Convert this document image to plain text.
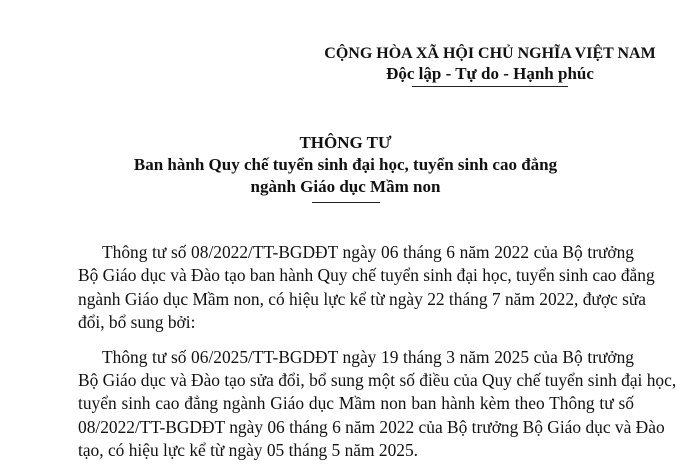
CỘNG HÒA XÃ HỘI CHỦ NGHĨA VIỆT NAM
Độc lập - Tự do - Hạnh phúc
THÔNG TƯ
Ban hành Quy chế tuyển sinh đại học, tuyển sinh cao đẳng
ngành Giáo dục Mầm non
Thông tư số 08/2022/TT-BGDĐT ngày 06 tháng 6 năm 2022 của Bộ trưởng
Bộ Giáo dục và Đào tạo ban hành Quy chế tuyển sinh đại học, tuyển sinh cao đẳng
ngành Giáo dục Mầm non, có hiệu lực kể từ ngày 22 tháng 7 năm 2022, được sửa
đổi, bổ sung bởi:
Thông tư số 06/2025/TT-BGDĐT ngày 19 tháng 3 năm 2025 của Bộ trưởng
Bộ Giáo dục và Đào tạo sửa đổi, bổ sung một số điều của Quy chế tuyển sinh đại học,
tuyển sinh cao đẳng ngành Giáo dục Mầm non ban hành kèm theo Thông tư số
08/2022/TT-BGDĐT ngày 06 tháng 6 năm 2022 của Bộ trưởng Bộ Giáo dục và Đào
tạo, có hiệu lực kể từ ngày 05 tháng 5 năm 2025.
